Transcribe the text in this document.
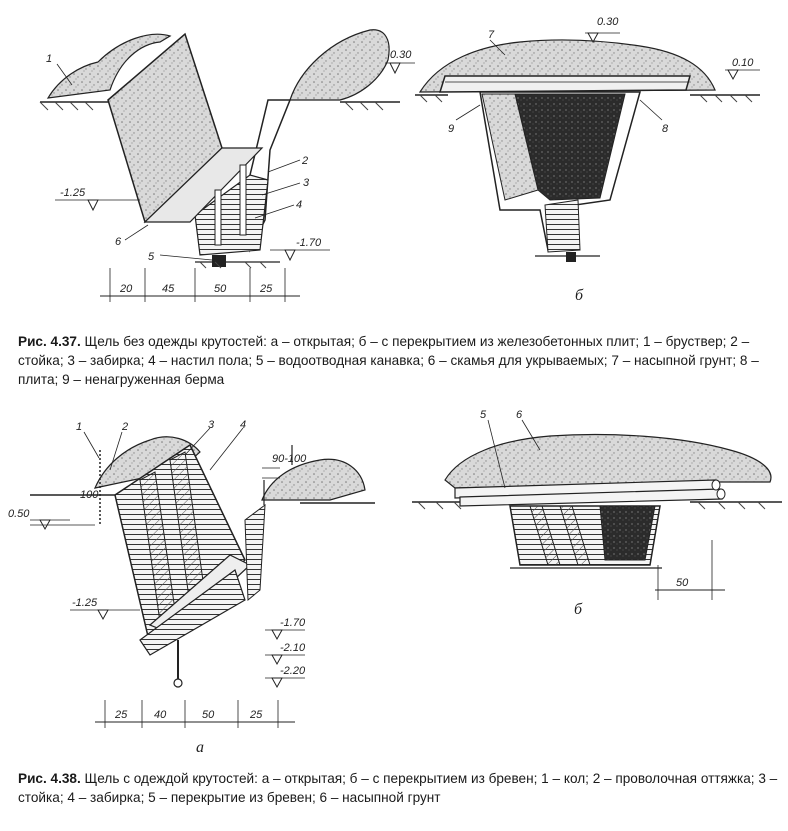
1
2
3
4
5
6
0.30
-1.25
-1.70
20	45	50	25
7
8
9
0.30
0.10
б
1	2	3 4
100
90-100
0.50
-1.25
-1.70
-2.10
-2.20
25 40	50	25
а
5	6
50
б
Рис. 4.37. Щель без одежды крутостей: а – открытая; б – с перекрытием из железобетонных плит; 1 – бруствер; 2 – стойка; 3 – забирка; 4 – настил пола; 5 – водоотводная канавка; 6 – скамья для укрываемых; 7 – насыпной грунт; 8 – плита; 9 – ненагруженная берма
Рис. 4.38. Щель с одеждой крутостей: а – открытая; б – с перекрытием из бревен; 1 – кол; 2 – проволочная оттяжка; 3 – стойка; 4 – забирка; 5 – перекрытие из бревен; 6 – насыпной грунт
